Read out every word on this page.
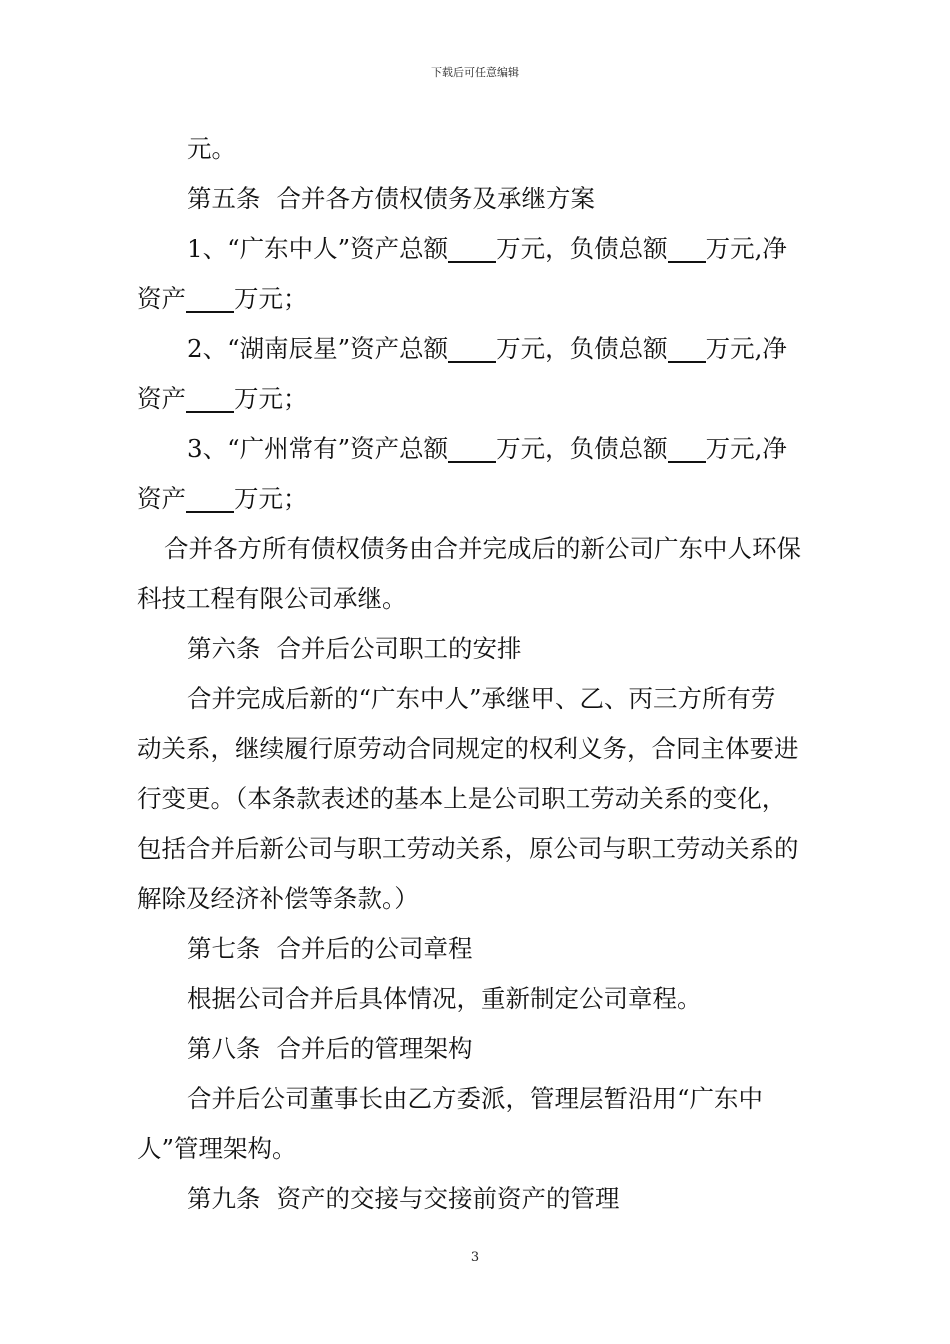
下载后可任意编辑
元。
第五条 合并各方债权债务及承继方案
1、“广东中人”资产总额 万元，负债总额 万元,净
资产 万元；
2、“湖南辰星”资产总额 万元，负债总额 万元,净
资产 万元；
3、“广州常有”资产总额 万元，负债总额 万元,净
资产 万元；
合并各方所有债权债务由合并完成后的新公司广东中人环保
科技工程有限公司承继。
第六条 合并后公司职工的安排
合并完成后新的“广东中人”承继甲、乙、丙三方所有劳
动关系，继续履行原劳动合同规定的权利义务，合同主体要进
行变更。（本条款表述的基本上是公司职工劳动关系的变化，
包括合并后新公司与职工劳动关系，原公司与职工劳动关系的
解除及经济补偿等条款。）
第七条 合并后的公司章程
根据公司合并后具体情况，重新制定公司章程。
第八条 合并后的管理架构
合并后公司董事长由乙方委派，管理层暂沿用“广东中
人”管理架构。
第九条 资产的交接与交接前资产的管理
3
